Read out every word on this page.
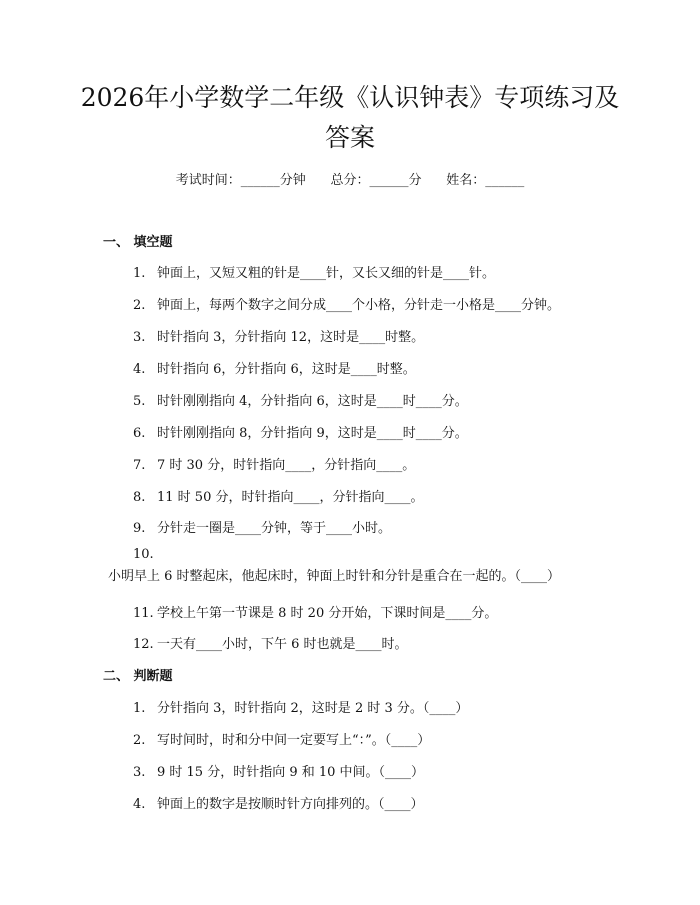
2026年小学数学二年级《认识钟表》专项练习及答案
考试时间：______分钟      总分：______分      姓名：______
一、 填空题
1. 钟面上，又短又粗的针是____针，又长又细的针是____针。
2. 钟面上，每两个数字之间分成____个小格，分针走一小格是____分钟。
3. 时针指向 3，分针指向 12，这时是____时整。
4. 时针指向 6，分针指向 6，这时是____时整。
5. 时针刚刚指向 4，分针指向 6，这时是____时____分。
6. 时针刚刚指向 8，分针指向 9，这时是____时____分。
7. 7 时 30 分，时针指向____，分针指向____。
8. 11 时 50 分，时针指向____，分针指向____。
9. 分针走一圈是____分钟，等于____小时。
10.小明早上 6 时整起床，他起床时，钟面上时针和分针是重合在一起的。（____）
11. 学校上午第一节课是 8 时 20 分开始，下课时间是____分。
12. 一天有____小时，下午 6 时也就是____时。
二、 判断题
1. 分针指向 3，时针指向 2，这时是 2 时 3 分。（____）
2. 写时间时，时和分中间一定要写上“：”。（____）
3. 9 时 15 分，时针指向 9 和 10 中间。（____）
4. 钟面上的数字是按顺时针方向排列的。（____）
